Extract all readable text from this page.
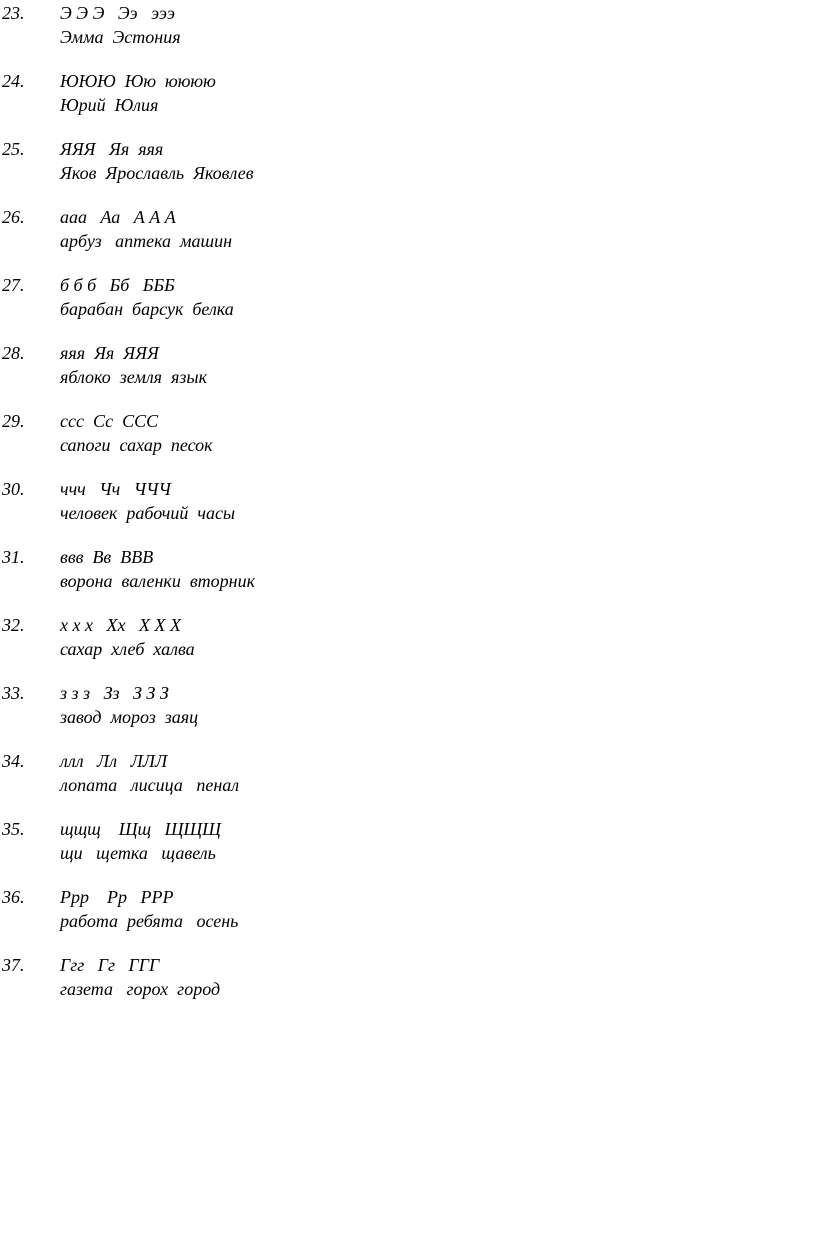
23. Э Э Э   Ээ   эээ
Эмма  Эстония
24. ЮЮЮ  Юю  юююю
Юрий  Юлия
25. ЯЯЯ   Яя  яяя
Яков  Ярославль  Яковлев
26. ааа   Аа   А А А
арбуз   аптека  машин
27. б б б   Бб   БББ
барабан  барсук  белка
28. яяя  Яя  ЯЯЯ
яблоко  земля  язык
29. ссс  Сс  ССС
сапоги  сахар  песок
30. ччч   Чч   ЧЧЧ
человек  рабочий  часы
31. ввв  Вв  ВВВ
ворона  валенки  вторник
32. х х х   Хх   Х Х Х
сахар  хлеб  халва
33. з з з   Зз   З З З
завод  мороз  заяц
34. ллл   Лл   ЛЛЛ
лопата   лисица   пенал
35. щщщ    Щщ   ЩЩЩ
щи   щетка   щавель
36. Ррр    Рр   РРР
работа  ребята   осень
37. Ггг   Гг   ГГГ
газета   горох  город
